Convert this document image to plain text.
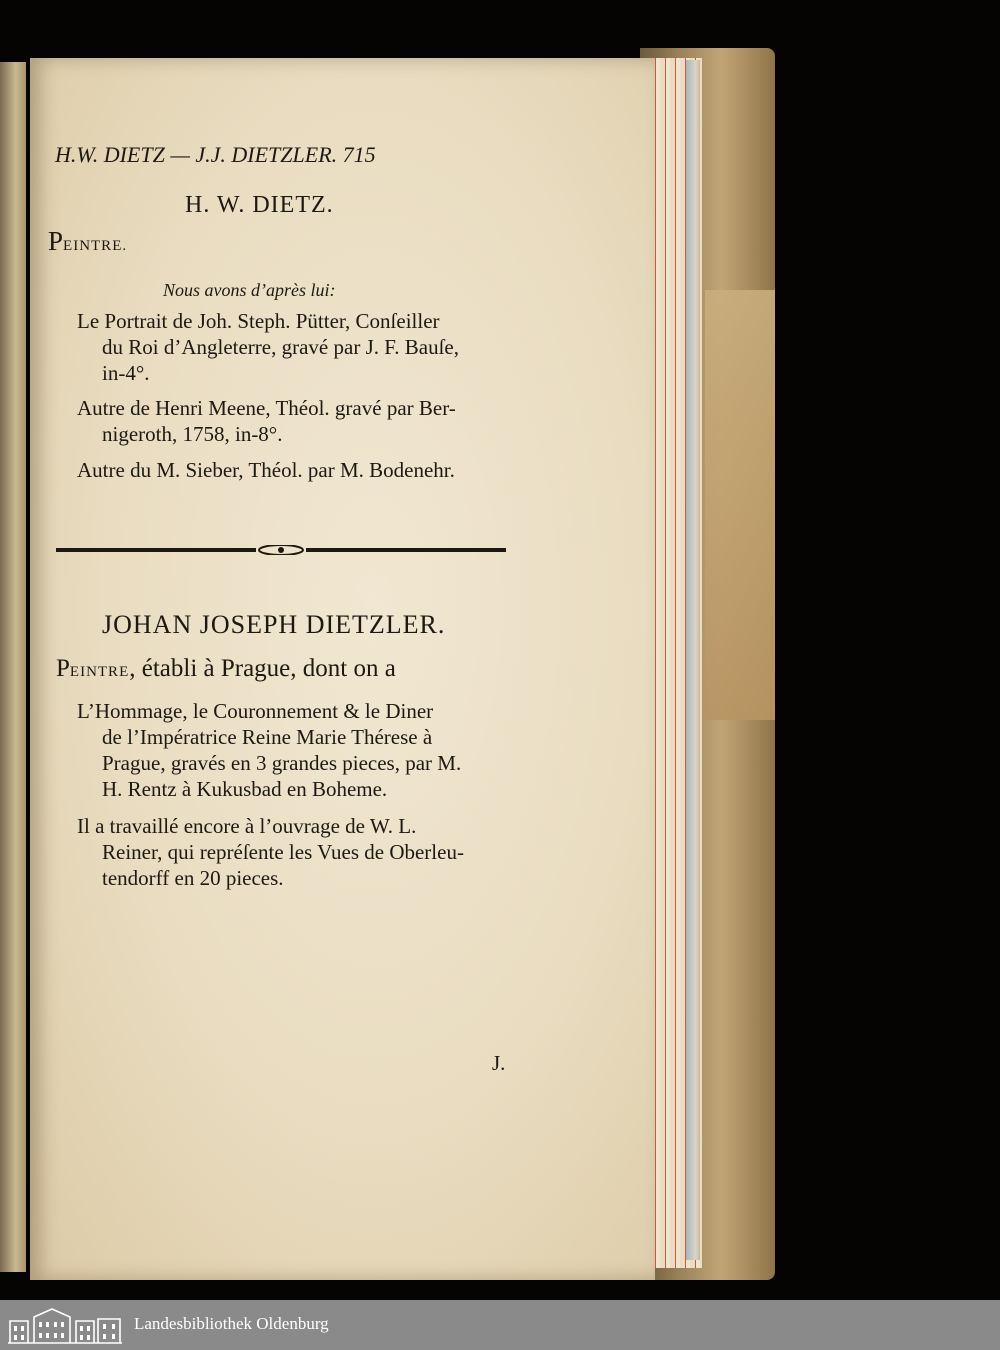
H.W. DIETZ — J.J. DIETZLER. 715
H. W. DIETZ.
PEINTRE.
Nous avons d’après lui:
Le Portrait de Joh. Steph. Pütter, Conſeiller
du Roi d’Angleterre, gravé par J. F. Bauſe,
in-4°.
Autre de Henri Meene, Théol. gravé par Ber-
nigeroth, 1758, in-8°.
Autre du M. Sieber, Théol. par M. Bodenehr.
JOHAN JOSEPH DIETZLER.
PEINTRE, établi à Prague, dont on a
L’Hommage, le Couronnement & le Diner
de l’Impératrice Reine Marie Thérese à
Prague, gravés en 3 grandes pieces, par M.
H. Rentz à Kukusbad en Boheme.
Il a travaillé encore à l’ouvrage de W. L.
Reiner, qui repréſente les Vues de Oberleu-
tendorff en 20 pieces.
J.
Landesbibliothek Oldenburg
